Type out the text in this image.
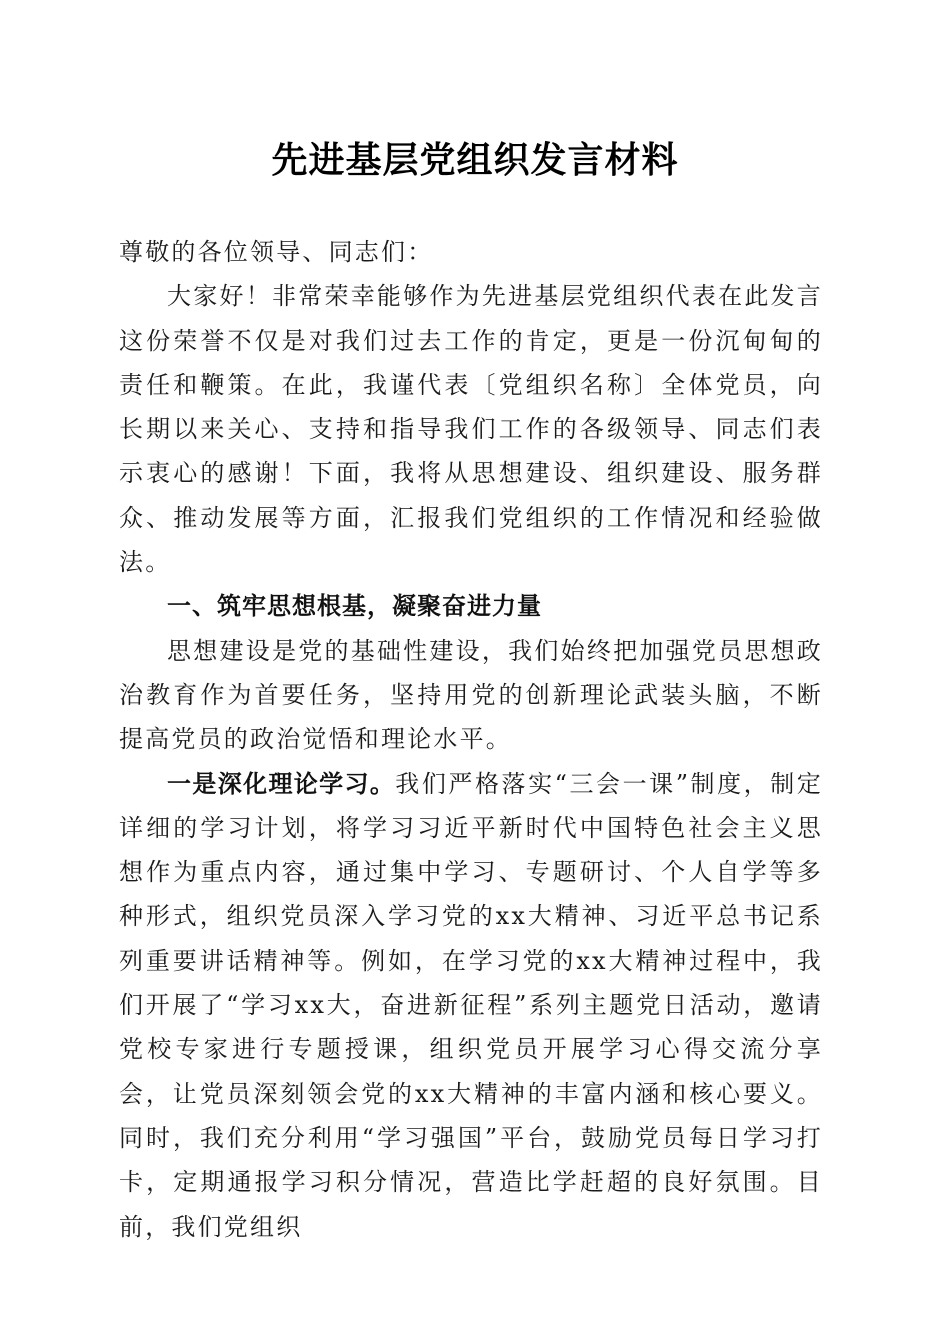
先进基层党组织发言材料

尊敬的各位领导、同志们：

大家好！非常荣幸能够作为先进基层党组织代表在此发言这份荣誉不仅是对我们过去工作的肯定，更是一份沉甸甸的责任和鞭策。在此，我谨代表〔党组织名称〕全体党员，向长期以来关心、支持和指导我们工作的各级领导、同志们表示衷心的感谢！下面，我将从思想建设、组织建设、服务群众、推动发展等方面，汇报我们党组织的工作情况和经验做法。

一、筑牢思想根基，凝聚奋进力量

思想建设是党的基础性建设，我们始终把加强党员思想政治教育作为首要任务，坚持用党的创新理论武装头脑，不断提高党员的政治觉悟和理论水平。

一是深化理论学习。我们严格落实“三会一课”制度，制定详细的学习计划，将学习习近平新时代中国特色社会主义思想作为重点内容，通过集中学习、专题研讨、个人自学等多种形式，组织党员深入学习党的xx大精神、习近平总书记系列重要讲话精神等。例如，在学习党的xx大精神过程中，我们开展了“学习xx大，奋进新征程”系列主题党日活动，邀请党校专家进行专题授课，组织党员开展学习心得交流分享会，让党员深刻领会党的xx大精神的丰富内涵和核心要义。同时，我们充分利用“学习强国”平台，鼓励党员每日学习打卡，定期通报学习积分情况，营造比学赶超的良好氛围。目前，我们党组织
